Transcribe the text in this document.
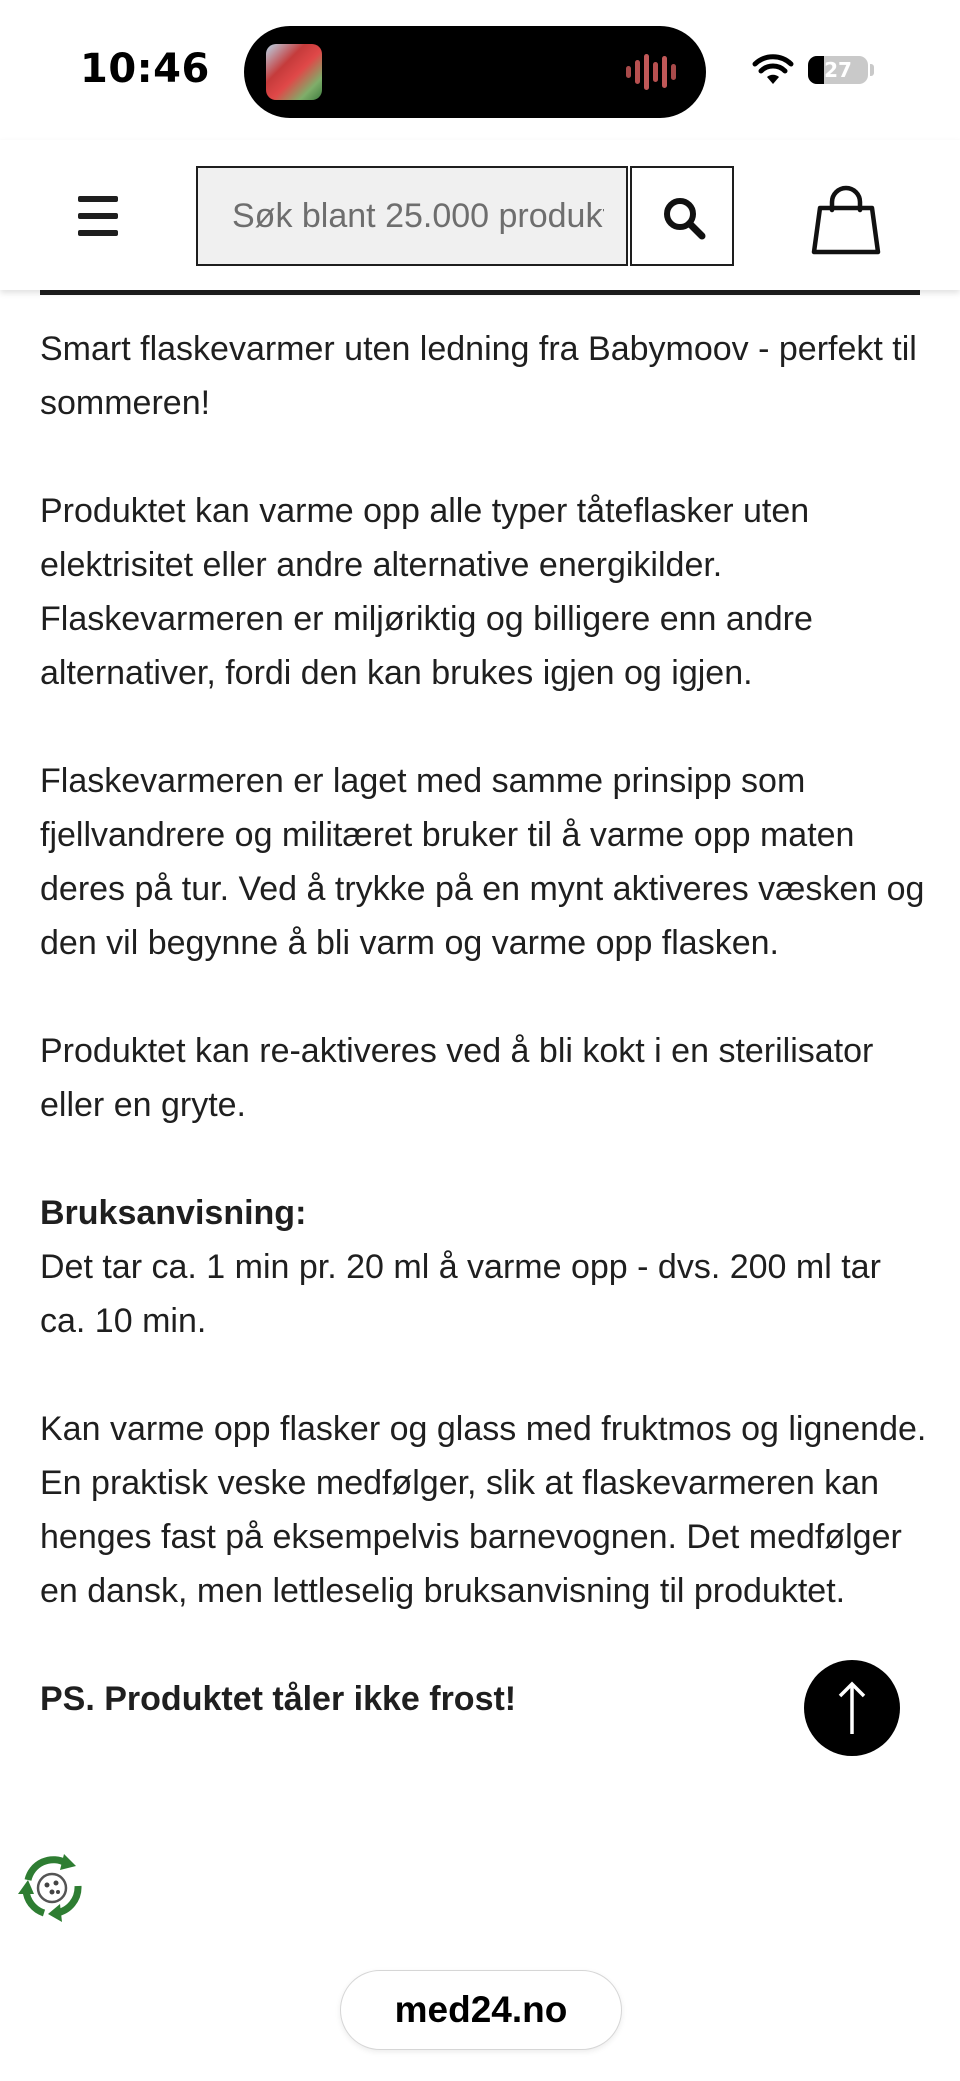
10:46	27
Søk blant 25.000 produkter

Smart flaskevarmer uten ledning fra Babymoov - perfekt til sommeren!

Produktet kan varme opp alle typer tåteflasker uten elektrisitet eller andre alternative energikilder. Flaskevarmeren er miljøriktig og billigere enn andre alternativer, fordi den kan brukes igjen og igjen.

Flaskevarmeren er laget med samme prinsipp som fjellvandrere og militæret bruker til å varme opp maten deres på tur. Ved å trykke på en mynt aktiveres væsken og den vil begynne å bli varm og varme opp flasken.

Produktet kan re-aktiveres ved å bli kokt i en sterilisator eller en gryte.

Bruksanvisning:
Det tar ca. 1 min pr. 20 ml å varme opp - dvs. 200 ml tar ca. 10 min.

Kan varme opp flasker og glass med fruktmos og lignende.
En praktisk veske medfølger, slik at flaskevarmeren kan henges fast på eksempelvis barnevognen. Det medfølger en dansk, men lettleselig bruksanvisning til produktet.

PS. Produktet tåler ikke frost!

med24.no
